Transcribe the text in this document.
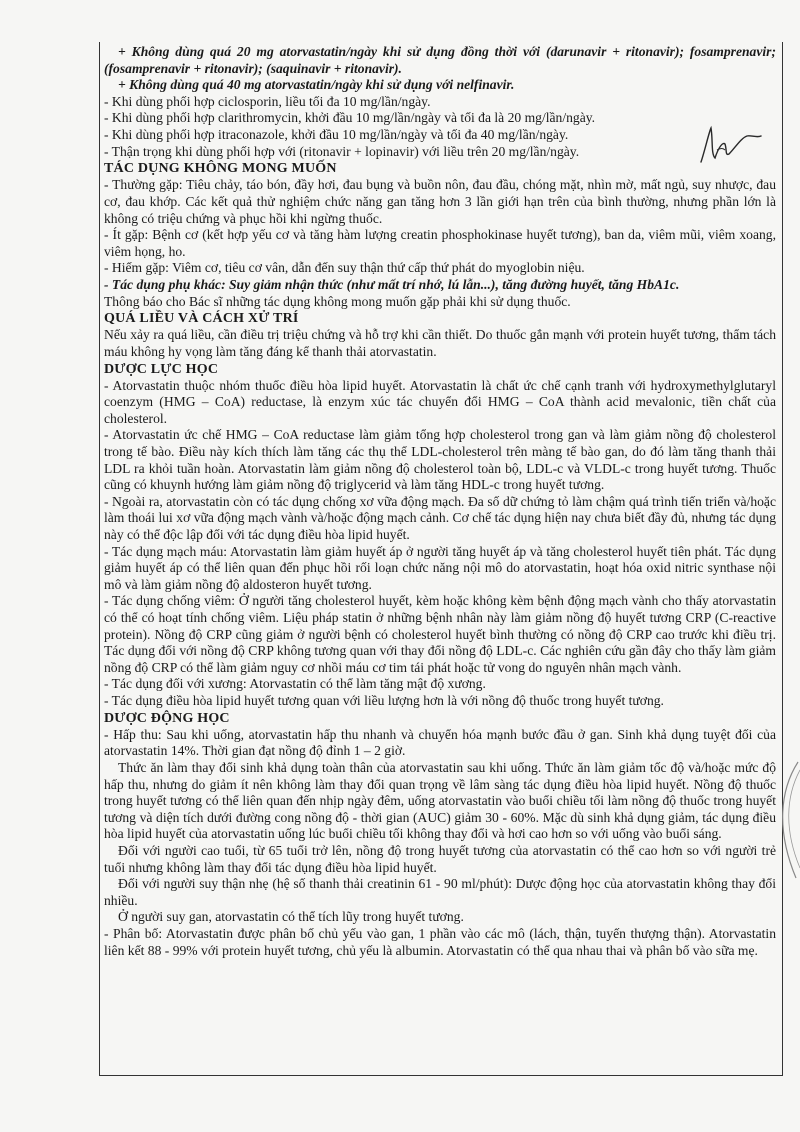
+ Không dùng quá 20 mg atorvastatin/ngày khi sử dụng đồng thời với (darunavir + ritonavir); fosamprenavir; (fosamprenavir + ritonavir); (saquinavir + ritonavir).

+ Không dùng quá 40 mg atorvastatin/ngày khi sử dụng với nelfinavir.

- Khi dùng phối hợp ciclosporin, liều tối đa 10 mg/lần/ngày.

- Khi dùng phối hợp clarithromycin, khởi đầu 10 mg/lần/ngày và tối đa là 20 mg/lần/ngày.

- Khi dùng phối hợp itraconazole, khởi đầu 10 mg/lần/ngày và tối đa 40 mg/lần/ngày.

- Thận trọng khi dùng phối hợp với (ritonavir + lopinavir) với liều trên 20 mg/lần/ngày.

TÁC DỤNG KHÔNG MONG MUỐN

- Thường gặp: Tiêu chảy, táo bón, đầy hơi, đau bụng và buồn nôn, đau đầu, chóng mặt, nhìn mờ, mất ngủ, suy nhược, đau cơ, đau khớp. Các kết quả thử nghiệm chức năng gan tăng hơn 3 lần giới hạn trên của bình thường, nhưng phần lớn là không có triệu chứng và phục hồi khi ngừng thuốc.

- Ít gặp: Bệnh cơ (kết hợp yếu cơ và tăng hàm lượng creatin phosphokinase huyết tương), ban da, viêm mũi, viêm xoang, viêm họng, ho.

- Hiếm gặp: Viêm cơ, tiêu cơ vân, dẫn đến suy thận thứ cấp thứ phát do myoglobin niệu.

- Tác dụng phụ khác: Suy giảm nhận thức (như mất trí nhớ, lú lẫn...), tăng đường huyết, tăng HbA1c.

Thông báo cho Bác sĩ những tác dụng không mong muốn gặp phải khi sử dụng thuốc.

QUÁ LIỀU VÀ CÁCH XỬ TRÍ

Nếu xảy ra quá liều, cần điều trị triệu chứng và hỗ trợ khi cần thiết. Do thuốc gắn mạnh với protein huyết tương, thẩm tách máu không hy vọng làm tăng đáng kể thanh thải atorvastatin.

DƯỢC LỰC HỌC

- Atorvastatin thuộc nhóm thuốc điều hòa lipid huyết. Atorvastatin là chất ức chế cạnh tranh với hydroxymethylglutaryl coenzym (HMG – CoA) reductase, là enzym xúc tác chuyển đổi HMG – CoA thành acid mevalonic, tiền chất của cholesterol.

- Atorvastatin ức chế HMG – CoA reductase làm giảm tổng hợp cholesterol trong gan và làm giảm nồng độ cholesterol trong tế bào. Điều này kích thích làm tăng các thụ thể LDL-cholesterol trên màng tế bào gan, do đó làm tăng thanh thải LDL ra khỏi tuần hoàn. Atorvastatin làm giảm nồng độ cholesterol toàn bộ, LDL-c và VLDL-c trong huyết tương. Thuốc cũng có khuynh hướng làm giảm nồng độ triglycerid và làm tăng HDL-c trong huyết tương.

- Ngoài ra, atorvastatin còn có tác dụng chống xơ vữa động mạch. Đa số dữ chứng tỏ làm chậm quá trình tiến triển và/hoặc làm thoái lui xơ vữa động mạch vành và/hoặc động mạch cảnh. Cơ chế tác dụng hiện nay chưa biết đầy đủ, nhưng tác dụng này có thể độc lập đối với tác dụng điều hòa lipid huyết.

- Tác dụng mạch máu: Atorvastatin làm giảm huyết áp ở người tăng huyết áp và tăng cholesterol huyết tiên phát. Tác dụng giảm huyết áp có thể liên quan đến phục hồi rối loạn chức năng nội mô do atorvastatin, hoạt hóa oxid nitric synthase nội mô và làm giảm nồng độ aldosteron huyết tương.

- Tác dụng chống viêm: Ở người tăng cholesterol huyết, kèm hoặc không kèm bệnh động mạch vành cho thấy atorvastatin có thể có hoạt tính chống viêm. Liệu pháp statin ở những bệnh nhân này làm giảm nồng độ huyết tương CRP (C-reactive protein). Nồng độ CRP cũng giảm ở người bệnh có cholesterol huyết bình thường có nồng độ CRP cao trước khi điều trị. Tác dụng đối với nồng độ CRP không tương quan với thay đổi nồng độ LDL-c. Các nghiên cứu gần đây cho thấy làm giảm nồng độ CRP có thể làm giảm nguy cơ nhồi máu cơ tim tái phát hoặc tử vong do nguyên nhân mạch vành.

- Tác dụng đối với xương: Atorvastatin có thể làm tăng mật độ xương.

- Tác dụng điều hòa lipid huyết tương quan với liều lượng hơn là với nồng độ thuốc trong huyết tương.

DƯỢC ĐỘNG HỌC

- Hấp thu: Sau khi uống, atorvastatin hấp thu nhanh và chuyển hóa mạnh bước đầu ở gan. Sinh khả dụng tuyệt đối của atorvastatin 14%. Thời gian đạt nồng độ đỉnh 1 – 2 giờ.

Thức ăn làm thay đổi sinh khả dụng toàn thân của atorvastatin sau khi uống. Thức ăn làm giảm tốc độ và/hoặc mức độ hấp thu, nhưng do giảm ít nên không làm thay đổi quan trọng về lâm sàng tác dụng điều hòa lipid huyết. Nồng độ thuốc trong huyết tương có thể liên quan đến nhịp ngày đêm, uống atorvastatin vào buổi chiều tối làm nồng độ thuốc trong huyết tương và diện tích dưới đường cong nồng độ - thời gian (AUC) giảm 30 - 60%. Mặc dù sinh khả dụng giảm, tác dụng điều hòa lipid huyết của atorvastatin uống lúc buổi chiều tối không thay đổi và hơi cao hơn so với uống vào buổi sáng.

Đối với người cao tuổi, từ 65 tuổi trở lên, nồng độ trong huyết tương của atorvastatin có thể cao hơn so với người trẻ tuổi nhưng không làm thay đổi tác dụng điều hòa lipid huyết.

Đối với người suy thận nhẹ (hệ số thanh thải creatinin 61 - 90 ml/phút): Dược động học của atorvastatin không thay đổi nhiều.

Ở người suy gan, atorvastatin có thể tích lũy trong huyết tương.

- Phân bố: Atorvastatin được phân bố chủ yếu vào gan, 1 phần vào các mô (lách, thận, tuyến thượng thận). Atorvastatin liên kết 88 - 99% với protein huyết tương, chủ yếu là albumin. Atorvastatin có thể qua nhau thai và phân bố vào sữa mẹ.
